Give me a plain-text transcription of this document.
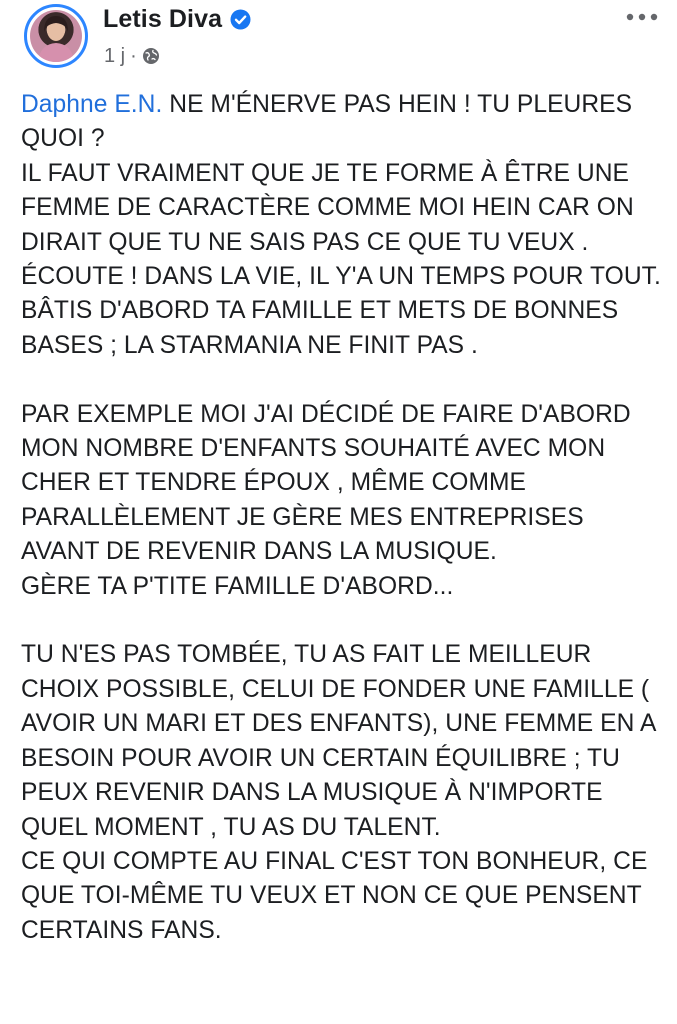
Letis Diva
1 j ·

Daphne E.N. NE M'ÉNERVE PAS HEIN ! TU PLEURES QUOI ?
IL FAUT VRAIMENT QUE JE TE FORME À ÊTRE UNE FEMME DE CARACTÈRE COMME MOI HEIN CAR ON DIRAIT QUE TU NE SAIS PAS CE QUE TU VEUX .
ÉCOUTE ! DANS LA VIE, IL Y'A UN TEMPS POUR TOUT.
BÂTIS D'ABORD TA FAMILLE ET METS DE BONNES BASES ; LA STARMANIA NE FINIT PAS .

PAR EXEMPLE MOI J'AI DÉCIDÉ DE FAIRE D'ABORD MON NOMBRE D'ENFANTS SOUHAITÉ AVEC MON CHER ET TENDRE ÉPOUX , MÊME COMME PARALLÈLEMENT JE GÈRE MES ENTREPRISES AVANT DE REVENIR DANS LA MUSIQUE.
GÈRE TA P'TITE FAMILLE D'ABORD...

TU N'ES PAS TOMBÉE, TU AS FAIT LE MEILLEUR CHOIX POSSIBLE, CELUI DE FONDER UNE FAMILLE ( AVOIR UN MARI ET DES ENFANTS), UNE FEMME EN A BESOIN POUR AVOIR UN CERTAIN ÉQUILIBRE ; TU PEUX REVENIR DANS LA MUSIQUE À N'IMPORTE QUEL MOMENT , TU AS DU TALENT.
CE QUI COMPTE AU FINAL C'EST TON BONHEUR, CE QUE TOI-MÊME TU VEUX ET NON CE QUE PENSENT CERTAINS FANS.
